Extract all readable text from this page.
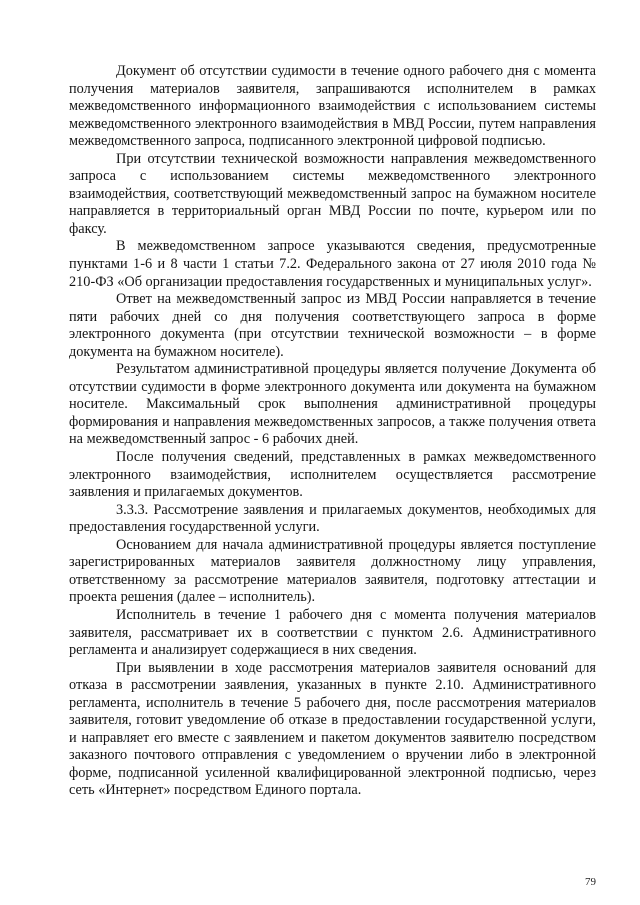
Документ об отсутствии судимости в течение одного рабочего дня с момента получения материалов заявителя, запрашиваются исполнителем в рамках межведомственного информационного взаимодействия с использованием системы межведомственного электронного взаимодействия в МВД России, путем направления межведомственного запроса, подписанного электронной цифровой подписью.

При отсутствии технической возможности направления межведомственного запроса с использованием системы межведомственного электронного взаимодействия, соответствующий межведомственный запрос на бумажном носителе направляется в территориальный орган МВД России по почте, курьером или по факсу.

В межведомственном запросе указываются сведения, предусмотренные пунктами 1-6 и 8 части 1 статьи 7.2. Федерального закона от 27 июля 2010 года № 210-ФЗ «Об организации предоставления государственных и муниципальных услуг».

Ответ на межведомственный запрос из МВД России направляется в течение пяти рабочих дней со дня получения соответствующего запроса в форме электронного документа (при отсутствии технической возможности – в форме документа на бумажном носителе).

Результатом административной процедуры является получение Документа об отсутствии судимости в форме электронного документа или документа на бумажном носителе. Максимальный срок выполнения административной процедуры формирования и направления межведомственных запросов, а также получения ответа на межведомственный запрос - 6 рабочих дней.

После получения сведений, представленных в рамках межведомственного электронного взаимодействия, исполнителем осуществляется рассмотрение заявления и прилагаемых документов.

3.3.3. Рассмотрение заявления и прилагаемых документов, необходимых для предоставления государственной услуги.

Основанием для начала административной процедуры является поступление зарегистрированных материалов заявителя должностному лицу управления, ответственному за рассмотрение материалов заявителя, подготовку аттестации и проекта решения (далее – исполнитель).

Исполнитель в течение 1 рабочего дня с момента получения материалов заявителя, рассматривает их в соответствии с пунктом 2.6. Административного регламента и анализирует содержащиеся в них сведения.

При выявлении в ходе рассмотрения материалов заявителя оснований для отказа в рассмотрении заявления, указанных в пункте 2.10. Административного регламента, исполнитель в течение 5 рабочего дня, после рассмотрения материалов заявителя, готовит уведомление об отказе в предоставлении государственной услуги, и направляет его вместе с заявлением и пакетом документов заявителю посредством заказного почтового отправления с уведомлением о вручении либо в электронной форме, подписанной усиленной квалифицированной электронной подписью, через сеть «Интернет» посредством Единого портала.

79
